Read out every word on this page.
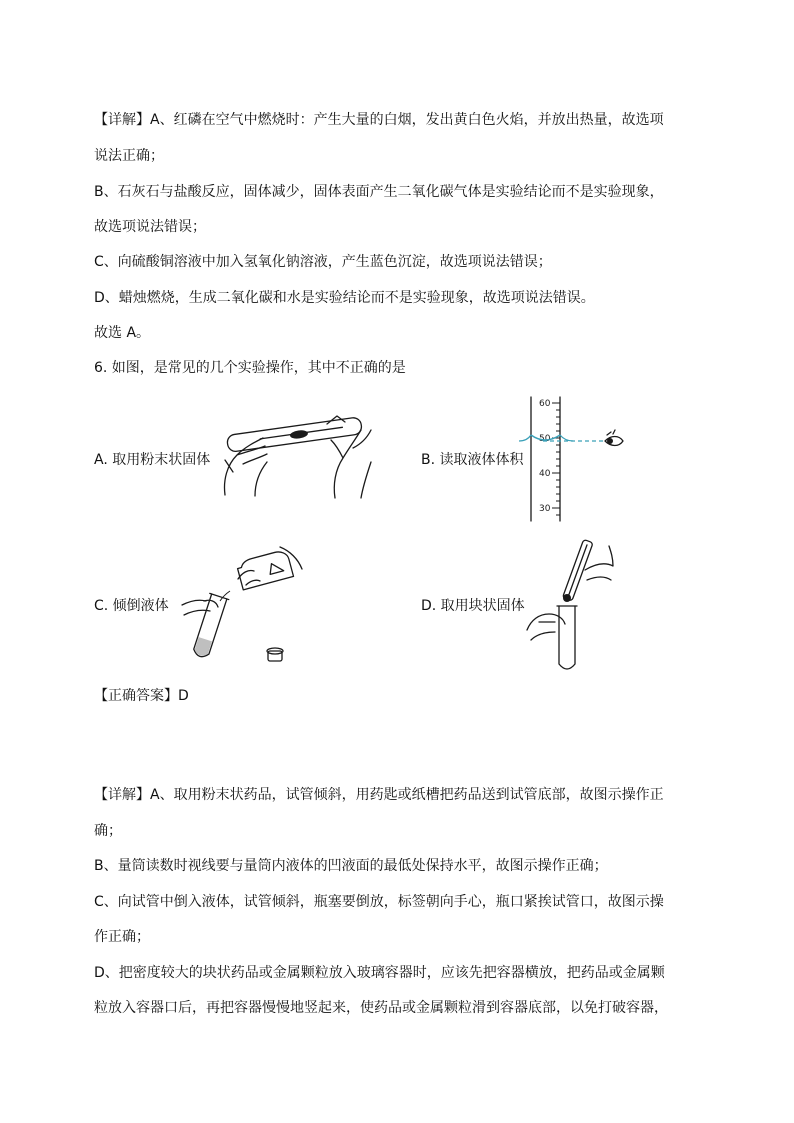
【详解】A、红磷在空气中燃烧时：产生大量的白烟，发出黄白色火焰，并放出热量，故选项
说法正确；
B、石灰石与盐酸反应，固体减少，固体表面产生二氧化碳气体是实验结论而不是实验现象，
故选项说法错误；
C、向硫酸铜溶液中加入氢氧化钠溶液，产生蓝色沉淀，故选项说法错误；
D、蜡烛燃烧，生成二氧化碳和水是实验结论而不是实验现象，故选项说法错误。
故选 A。
6. 如图，是常见的几个实验操作，其中不正确的是
A. 取用粉末状固体	B. 读取液体体积
60
50
40
30
C. 倾倒液体	D. 取用块状固体
【正确答案】D
【详解】A、取用粉末状药品，试管倾斜，用药匙或纸槽把药品送到试管底部，故图示操作正
确；
B、量筒读数时视线要与量筒内液体的凹液面的最低处保持水平，故图示操作正确；
C、向试管中倒入液体，试管倾斜，瓶塞要倒放，标签朝向手心，瓶口紧挨试管口，故图示操
作正确；
D、把密度较大的块状药品或金属颗粒放入玻璃容器时，应该先把容器横放，把药品或金属颗
粒放入容器口后，再把容器慢慢地竖起来，使药品或金属颗粒滑到容器底部，以免打破容器，
